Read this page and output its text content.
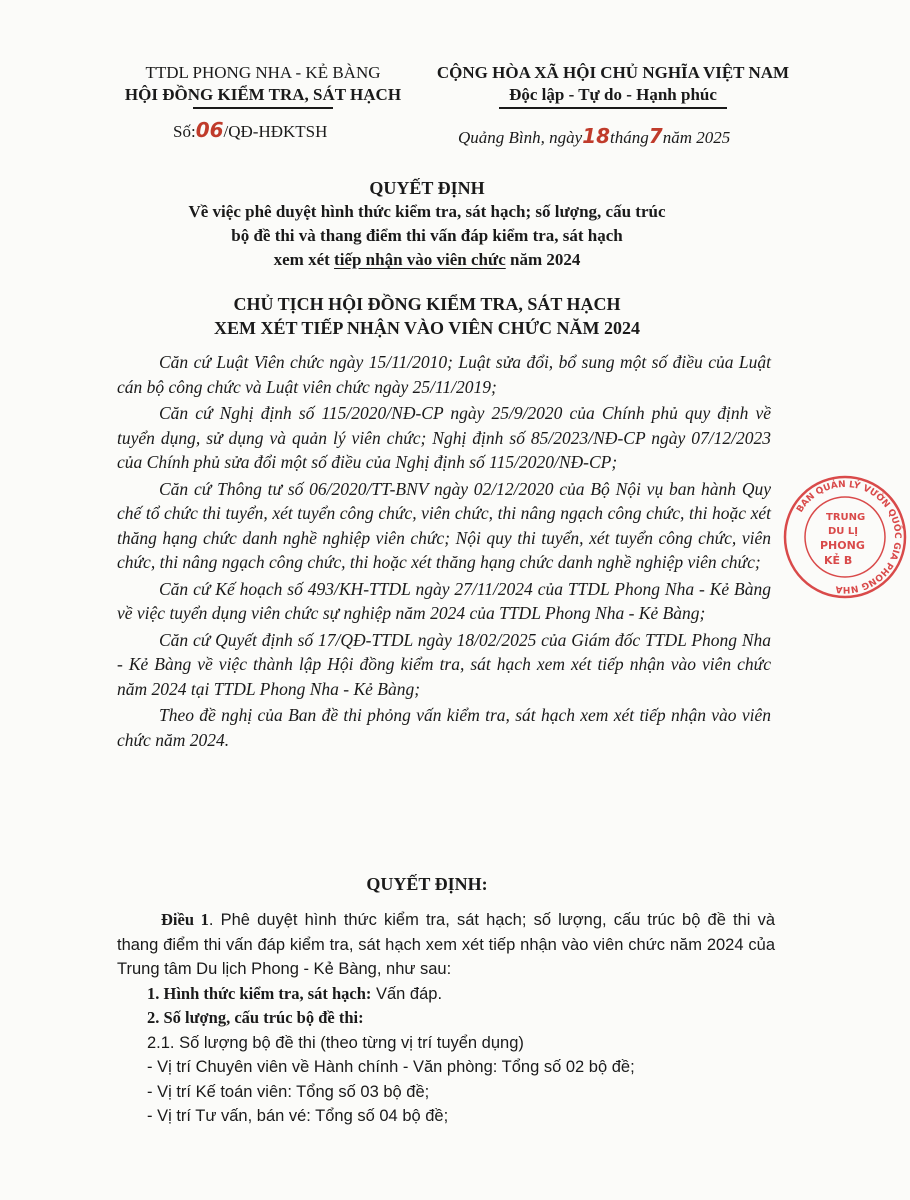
TTDL PHONG NHA - KẺ BÀNG
HỘI ĐỒNG KIỂM TRA, SÁT HẠCH
CỘNG HÒA XÃ HỘI CHỦ NGHĨA VIỆT NAM
Độc lập - Tự do - Hạnh phúc
Số:06/QĐ-HĐKTSH	Quảng Bình, ngày18tháng7năm 2025
QUYẾT ĐỊNH
Về việc phê duyệt hình thức kiểm tra, sát hạch; số lượng, cấu trúc
bộ đề thi và thang điểm thi vấn đáp kiểm tra, sát hạch
xem xét tiếp nhận vào viên chức năm 2024
CHỦ TỊCH HỘI ĐỒNG KIỂM TRA, SÁT HẠCH
XEM XÉT TIẾP NHẬN VÀO VIÊN CHỨC NĂM 2024

Căn cứ Luật Viên chức ngày 15/11/2010; Luật sửa đổi, bổ sung một số điều của Luật cán bộ công chức và Luật viên chức ngày 25/11/2019;

Căn cứ Nghị định số 115/2020/NĐ-CP ngày 25/9/2020 của Chính phủ quy định về tuyển dụng, sử dụng và quản lý viên chức; Nghị định số 85/2023/NĐ-CP ngày 07/12/2023 của Chính phủ sửa đổi một số điều của Nghị định số 115/2020/NĐ-CP;

Căn cứ Thông tư số 06/2020/TT-BNV ngày 02/12/2020 của Bộ Nội vụ ban hành Quy chế tổ chức thi tuyển, xét tuyển công chức, viên chức, thi nâng ngạch công chức, thi hoặc xét thăng hạng chức danh nghề nghiệp viên chức; Nội quy thi tuyển, xét tuyển công chức, viên chức, thi nâng ngạch công chức, thi hoặc xét thăng hạng chức danh nghề nghiệp viên chức;

Căn cứ Kế hoạch số 493/KH-TTDL ngày 27/11/2024 của TTDL Phong Nha - Kẻ Bàng về việc tuyển dụng viên chức sự nghiệp năm 2024 của TTDL Phong Nha - Kẻ Bàng;

Căn cứ Quyết định số 17/QĐ-TTDL ngày 18/02/2025 của Giám đốc TTDL Phong Nha - Kẻ Bàng về việc thành lập Hội đồng kiểm tra, sát hạch xem xét tiếp nhận vào viên chức năm 2024 tại TTDL Phong Nha - Kẻ Bàng;

Theo đề nghị của Ban đề thi phỏng vấn kiểm tra, sát hạch xem xét tiếp nhận vào viên chức năm 2024.

QUYẾT ĐỊNH:

Điều 1. Phê duyệt hình thức kiểm tra, sát hạch; số lượng, cấu trúc bộ đề thi và thang điểm thi vấn đáp kiểm tra, sát hạch xem xét tiếp nhận vào viên chức năm 2024 của Trung tâm Du lịch Phong - Kẻ Bàng, như sau:

1. Hình thức kiểm tra, sát hạch: Vấn đáp.

2. Số lượng, cấu trúc bộ đề thi:

2.1. Số lượng bộ đề thi (theo từng vị trí tuyển dụng)

- Vị trí Chuyên viên về Hành chính - Văn phòng: Tổng số 02 bộ đề;

- Vị trí Kế toán viên: Tổng số 03 bộ đề;

- Vị trí Tư vấn, bán vé: Tổng số 04 bộ đề;

BAN QUẢN LÝ VƯỜN QUỐC GIA PHONG NHA
TRUNG
DU LỊ
PHONG
KẺ B
